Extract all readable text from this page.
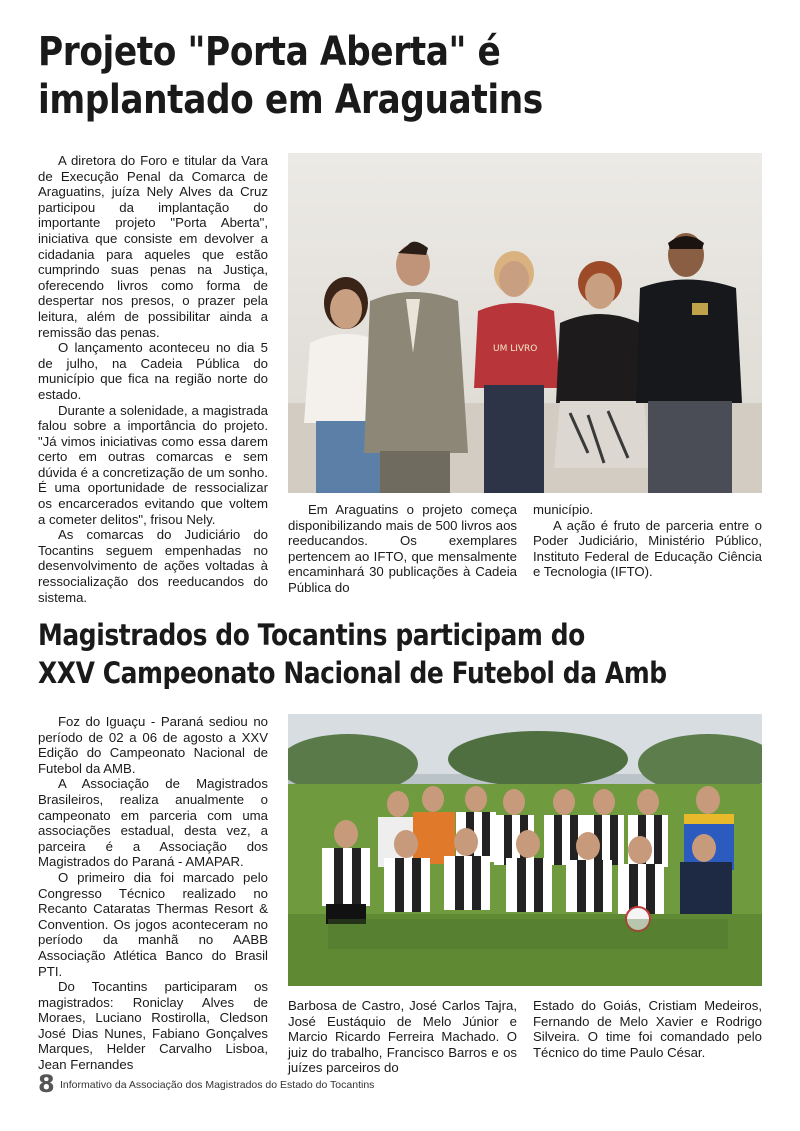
Projeto "Porta Aberta" é
implantado em Araguatins

A diretora do Foro e titular da Vara de Execução Penal da Comarca de Araguatins, juíza Nely Alves da Cruz participou da implantação do importante projeto "Porta Aberta", iniciativa que consiste em devolver a cidadania para aqueles que estão cumprindo suas penas na Justiça, oferecendo livros como forma de despertar nos presos, o prazer pela leitura, além de possibilitar ainda a remissão das penas.

O lançamento aconteceu no dia 5 de julho, na Cadeia Pública do município que fica na região norte do estado.

Durante a solenidade, a magistrada falou sobre a importância do projeto. "Já vimos iniciativas como essa darem certo em outras comarcas e sem dúvida é a concretização de um sonho. É uma oportunidade de ressocializar os encarcerados evitando que voltem a cometer delitos", frisou Nely.

As comarcas do Judiciário do Tocantins seguem empenhadas no desenvolvimento de ações voltadas à ressocialização dos reeducandos do sistema.

UM LIVRO

Em Araguatins o projeto começa disponibilizando mais de 500 livros aos reeducandos. Os exemplares pertencem ao IFTO, que mensalmente encaminhará 30 publicações à Cadeia Pública do

município.

A ação é fruto de parceria entre o Poder Judiciário, Ministério Público, Instituto Federal de Educação Ciência e Tecnologia (IFTO).

Magistrados do Tocantins participam do
XXV Campeonato Nacional de Futebol da Amb

Foz do Iguaçu - Paraná sediou no período de 02 a 06 de agosto a XXV Edição do Campeonato Nacional de Futebol da AMB.

A Associação de Magistrados Brasileiros, realiza anualmente o campeonato em parceria com uma associações estadual, desta vez, a parceira é a Associação dos Magistrados do Paraná - AMAPAR.

O primeiro dia foi marcado pelo Congresso Técnico realizado no Recanto Cataratas Thermas Resort & Convention. Os jogos aconteceram no período da manhã no AABB Associação Atlética Banco do Brasil PTI.

Do Tocantins participaram os magistrados: Roniclay Alves de Moraes, Luciano Rostirolla, Cledson José Dias Nunes, Fabiano Gonçalves Marques, Helder Carvalho Lisboa, Jean Fernandes

Barbosa de Castro, José Carlos Tajra, José Eustáquio de Melo Júnior e Marcio Ricardo Ferreira Machado. O juiz do trabalho, Francisco Barros e os juízes parceiros do

Estado do Goiás, Cristiam Medeiros, Fernando de Melo Xavier e Rodrigo Silveira. O time foi comandado pelo Técnico do time Paulo César.

8 Informativo da Associação dos Magistrados do Estado do Tocantins
